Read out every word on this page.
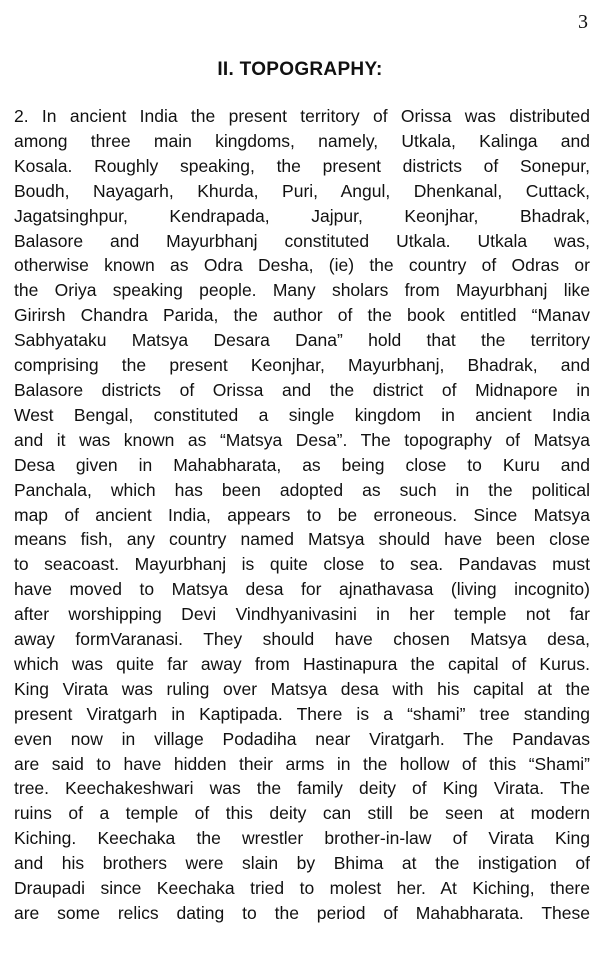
3
II. TOPOGRAPHY:
2. In ancient India the present territory of Orissa was distributed
among three main kingdoms, namely, Utkala, Kalinga and
Kosala. Roughly speaking, the present districts of Sonepur,
Boudh, Nayagarh, Khurda, Puri, Angul, Dhenkanal, Cuttack,
Jagatsinghpur, Kendrapada, Jajpur, Keonjhar, Bhadrak,
Balasore and Mayurbhanj constituted Utkala. Utkala was,
otherwise known as Odra Desha, (ie) the country of Odras or
the Oriya speaking people. Many sholars from Mayurbhanj like
Girirsh Chandra Parida, the author of the book entitled “Manav
Sabhyataku Matsya Desara Dana” hold that the territory
comprising the present Keonjhar, Mayurbhanj, Bhadrak, and
Balasore districts of Orissa and the district of Midnapore in
West Bengal, constituted a single kingdom in ancient India
and it was known as “Matsya Desa”. The topography of Matsya
Desa given in Mahabharata, as being close to Kuru and
Panchala, which has been adopted as such in the political
map of ancient India, appears to be erroneous. Since Matsya
means fish, any country named Matsya should have been close
to seacoast. Mayurbhanj is quite close to sea. Pandavas must
have moved to Matsya desa for ajnathavasa (living incognito)
after worshipping Devi Vindhyanivasini in her temple not far
away formVaranasi. They should have chosen Matsya desa,
which was quite far away from Hastinapura the capital of Kurus.
King Virata was ruling over Matsya desa with his capital at the
present Viratgarh in Kaptipada. There is a “shami” tree standing
even now in village Podadiha near Viratgarh. The Pandavas
are said to have hidden their arms in the hollow of this “Shami”
tree. Keechakeshwari was the family deity of King Virata. The
ruins of a temple of this deity can still be seen at modern
Kiching. Keechaka the wrestler brother-in-law of Virata King
and his brothers were slain by Bhima at the instigation of
Draupadi since Keechaka tried to molest her. At Kiching, there
are some relics dating to the period of Mahabharata. These
